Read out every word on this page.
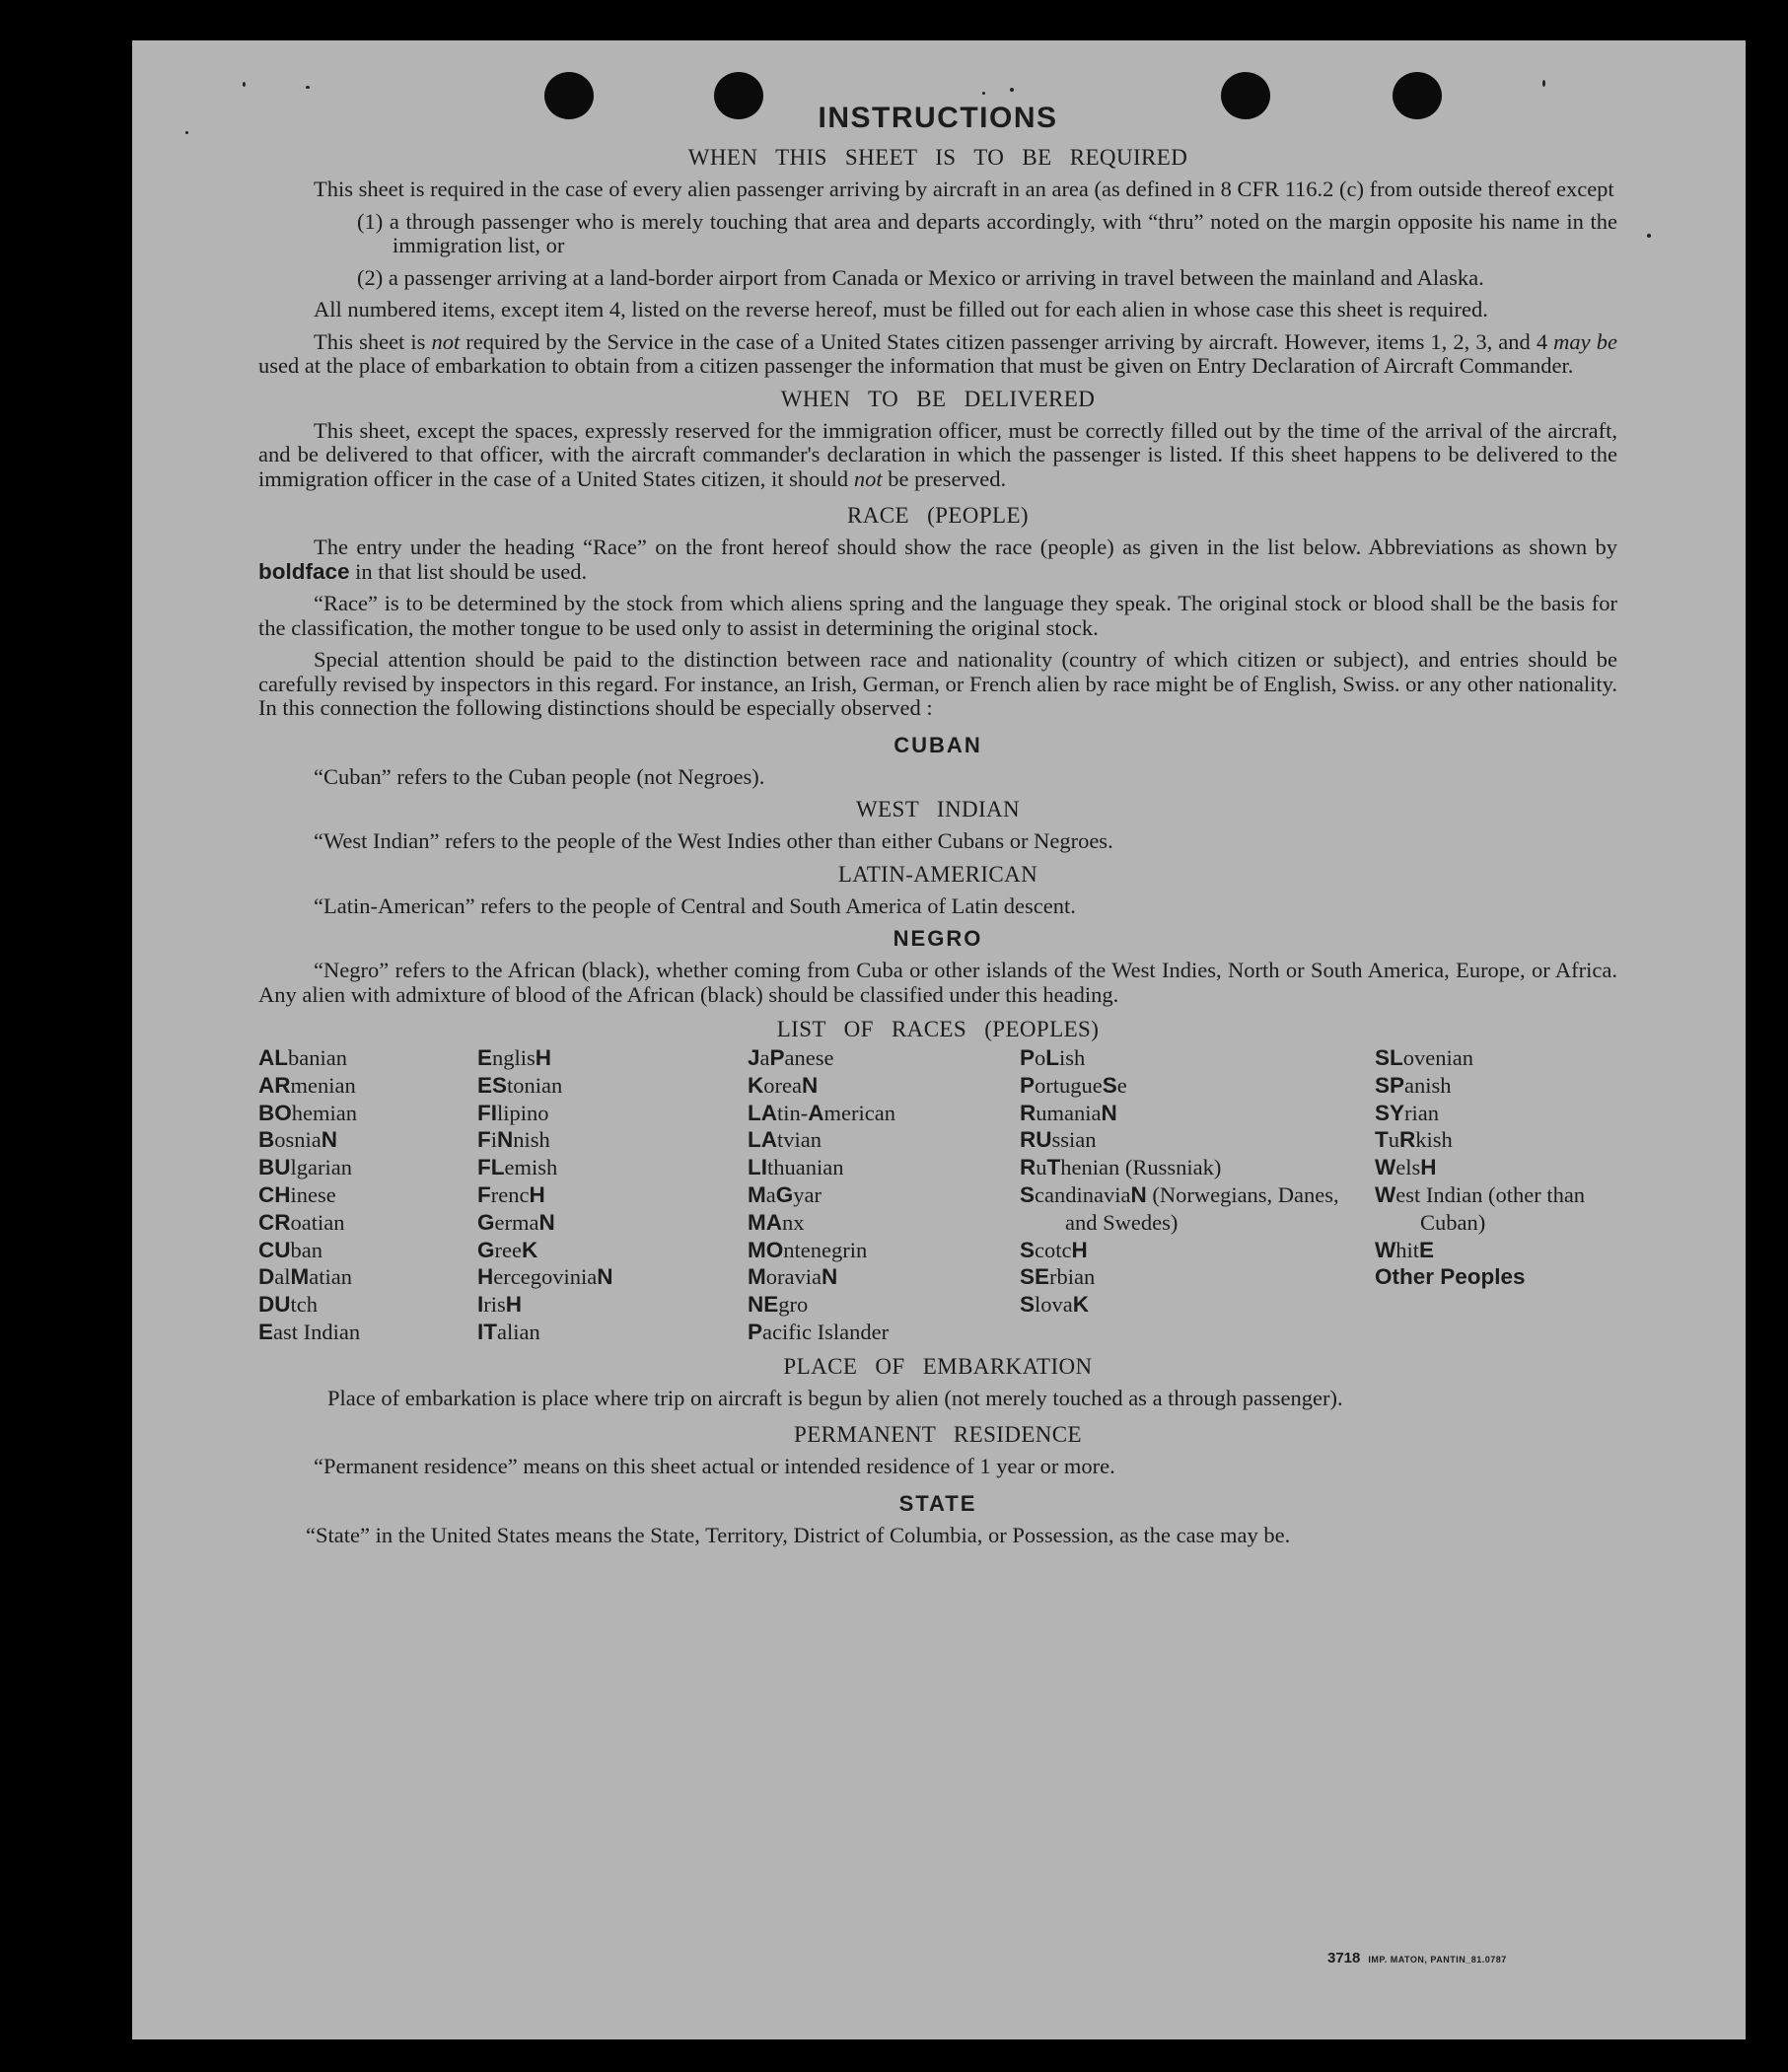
INSTRUCTIONS
WHEN THIS SHEET IS TO BE REQUIRED

This sheet is required in the case of every alien passenger arriving by aircraft in an area (as defined in 8 CFR 116.2 (c) from outside thereof except

(1) a through passenger who is merely touching that area and departs accordingly, with “thru” noted on the margin opposite his name in the immigration list, or

(2) a passenger arriving at a land-border airport from Canada or Mexico or arriving in travel between the mainland and Alaska.

All numbered items, except item 4, listed on the reverse hereof, must be filled out for each alien in whose case this sheet is required.

This sheet is not required by the Service in the case of a United States citizen passenger arriving by aircraft. However, items 1, 2, 3, and 4 may be used at the place of embarkation to obtain from a citizen passenger the information that must be given on Entry Declaration of Aircraft Commander.

WHEN TO BE DELIVERED

This sheet, except the spaces, expressly reserved for the immigration officer, must be correctly filled out by the time of the arrival of the aircraft, and be delivered to that officer, with the aircraft commander's declaration in which the passenger is listed. If this sheet happens to be delivered to the immigration officer in the case of a United States citizen, it should not be preserved.

RACE (PEOPLE)

The entry under the heading “Race” on the front hereof should show the race (people) as given in the list below. Abbreviations as shown by boldface in that list should be used.

“Race” is to be determined by the stock from which aliens spring and the language they speak. The original stock or blood shall be the basis for the classification, the mother tongue to be used only to assist in determining the original stock.

Special attention should be paid to the distinction between race and nationality (country of which citizen or subject), and entries should be carefully revised by inspectors in this regard. For instance, an Irish, German, or French alien by race might be of English, Swiss. or any other nationality. In this connection the following distinctions should be especially observed :

CUBAN

“Cuban” refers to the Cuban people (not Negroes).

WEST INDIAN

“West Indian” refers to the people of the West Indies other than either Cubans or Negroes.

LATIN-AMERICAN

“Latin-American” refers to the people of Central and South America of Latin descent.

NEGRO

“Negro” refers to the African (black), whether coming from Cuba or other islands of the West Indies, North or South America, Europe, or Africa. Any alien with admixture of blood of the African (black) should be classified under this heading.

LIST OF RACES (PEOPLES)
ALbanian
ARmenian
BOhemian
BosniaN
BUlgarian
CHinese
CRoatian
CUban
DalMatian
DUtch
East Indian
EnglisH
EStonian
FIlipino
FiNnish
FLemish
FrencH
GermaN
GreeK
HercegoviniaN
IrisH
ITalian
JaPanese
KoreaN
LAtin-American
LAtvian
LIthuanian
MaGyar
MAnx
MOntenegrin
MoraviaN
NEgro
Pacific Islander
PoLish
PortugueSe
RumaniaN
RUssian
RuThenian (Russniak)
ScandinaviaN (Norwegians, Danes, and Swedes)
ScotcH
SErbian
SlovaK
SLovenian
SPanish
SYrian
TuRkish
WelsH
West Indian (other than Cuban)
WhitE
Other Peoples
PLACE OF EMBARKATION

Place of embarkation is place where trip on aircraft is begun by alien (not merely touched as a through passenger).

PERMANENT RESIDENCE

“Permanent residence” means on this sheet actual or intended residence of 1 year or more.

STATE

“State” in the United States means the State, Territory, District of Columbia, or Possession, as the case may be.

3718 IMP. MATON, PANTIN_81.0787
